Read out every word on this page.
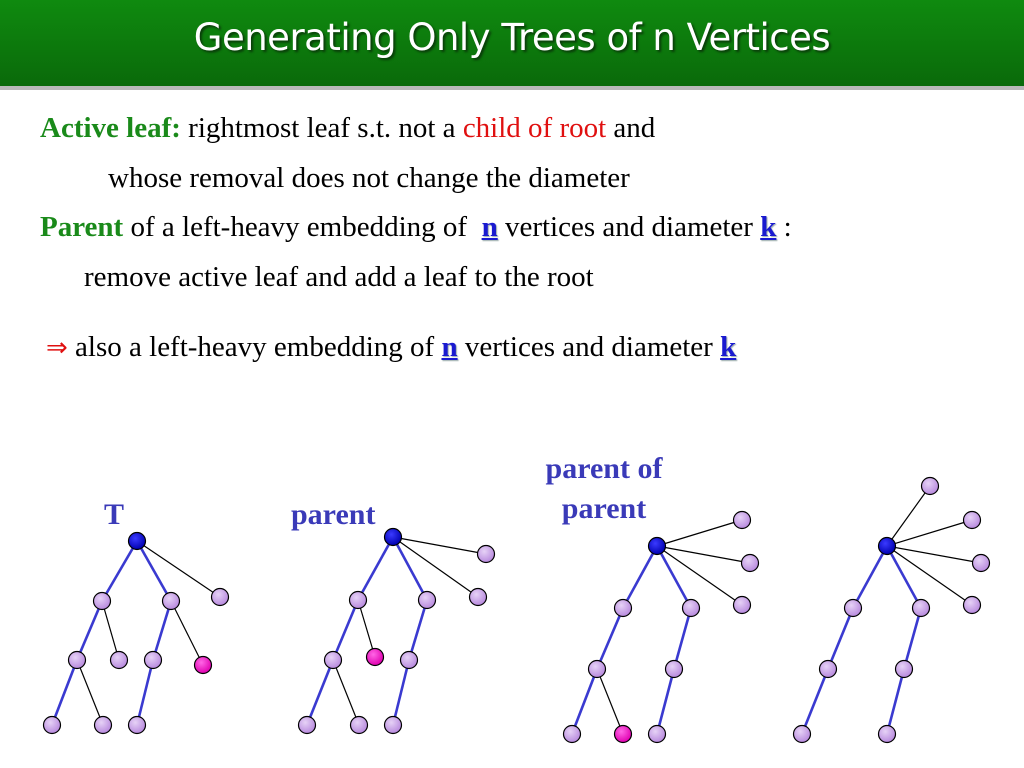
Generating Only Trees of n Vertices
Active leaf: rightmost leaf s.t. not a child of root and
whose removal does not change the diameter
Parent of a left-heavy embedding of n vertices and diameter k :
remove active leaf and add a leaf to the root
⇒ also a left-heavy embedding of n vertices and diameter k
T	parent
parent of
parent
